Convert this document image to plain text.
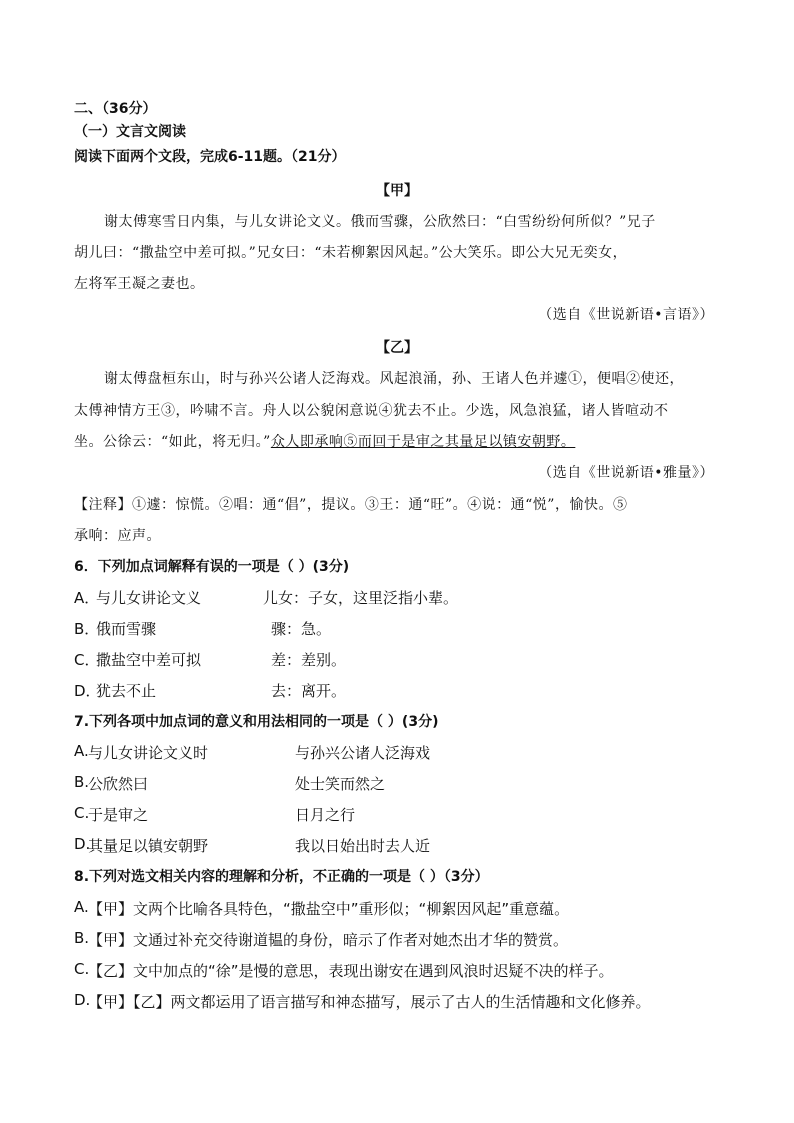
二、（36分）
（一）文言文阅读
阅读下面两个文段，完成6-11题。（21分）
【甲】
谢太傅寒雪日内集，与儿女讲论文义。俄而雪骤，公欣然曰：“白雪纷纷何所似？”兄子
胡儿曰：“撒盐空中差可拟。”兄女曰：“未若柳絮因风起。”公大笑乐。即公大兄无奕女，
左将军王凝之妻也。
（选自《世说新语•言语》）
【乙】
谢太傅盘桓东山，时与孙兴公诸人泛海戏。风起浪涌，孙、王诸人色并遽①，便唱②使还，
太傅神情方王③，吟啸不言。舟人以公貌闲意说④犹去不止。少选，风急浪猛，诸人皆喧动不
坐。公徐云：“如此，将无归。”众人即承响⑤而回于是审之其量足以镇安朝野。
（选自《世说新语•雅量》）
【注释】①遽：惊慌。②唱：通“倡”，提议。③王：通“旺”。④说：通“悦”，愉快。⑤
承响：应声。
6．下列加点词解释有误的一项是（ ）(3分)
A．
与儿女讲论文义	儿女：子女，这里泛指小辈。
B．
俄而雪骤	骤：急。
C．
撒盐空中差可拟	差：差别。
D．
犹去不止	去：离开。
7.下列各项中加点词的意义和用法相同的一项是（ ）(3分)
A. 与儿女讲论文义时	与孙兴公诸人泛海戏
B.
公欣然曰	处士笑而然之
C.
于是审之	日月之行
D.
其量足以镇安朝野	我以日始出时去人近
8.下列对选文相关内容的理解和分析，不正确的一项是（ ）（3分）
A. 【甲】文两个比喻各具特色，“撒盐空中”重形似；“柳絮因风起”重意蕴。
B.
【甲】文通过补充交待谢道韫的身份，暗示了作者对她杰出才华的赞赏。
C.
【乙】文中加点的“徐”是慢的意思，表现出谢安在遇到风浪时迟疑不决的样子。
D.
【甲】【乙】两文都运用了语言描写和神态描写，展示了古人的生活情趣和文化修养。
